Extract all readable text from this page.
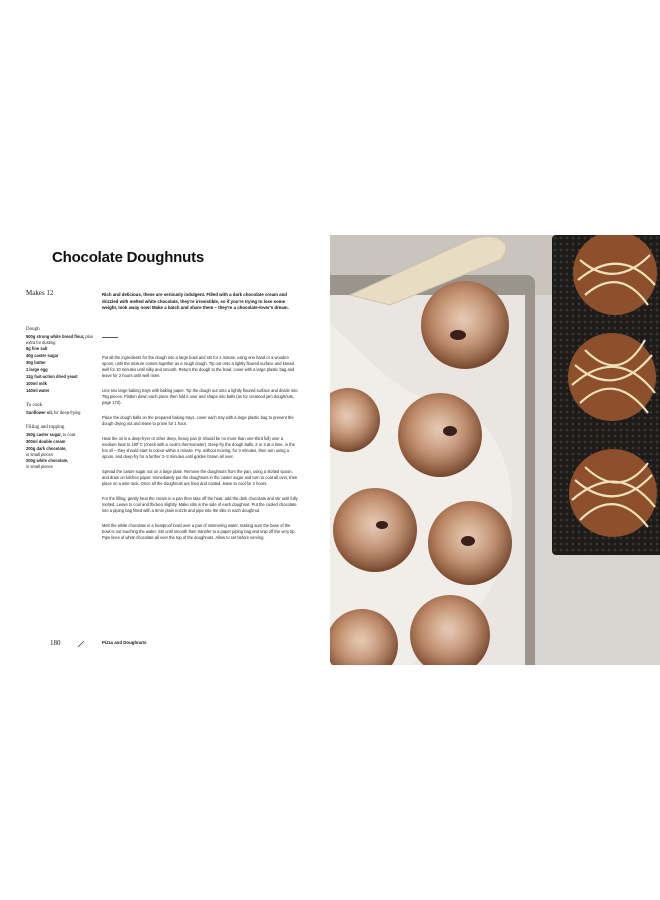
Chocolate Doughnuts
Makes 12
Dough
500g strong white bread flour, plus extra for dusting
8g fine salt
40g caster sugar
30g butter
1 large egg
12g fast-action dried yeast
100ml milk
140ml water
To cook
Sunflower oil, for deep-frying
Filling and topping
150g caster sugar, to coat
300ml double cream
200g dark chocolate,
in small pieces
200g white chocolate,
in small pieces
Rich and delicious, these are seriously indulgent. Filled with a dark chocolate cream and drizzled with melted white chocolate, they're irresistible, so if you're trying to lose some weight, look away now! Make a batch and share them – they're a chocolate-lover's dream.

Put all the ingredients for the dough into a large bowl and stir for 1 minute, using one hand or a wooden spoon, until the mixture comes together as a rough dough. Tip out onto a lightly floured surface and knead well for 10 minutes until silky and smooth. Return the dough to the bowl, cover with a large plastic bag and leave for 2 hours until well risen.

Line two large baking trays with baking paper. Tip the dough out onto a lightly floured surface and divide into 75g pieces. Flatten down each piece then fold it over and shape into balls (as for creamed jam doughnuts, page 173).

Place the dough balls on the prepared baking trays, cover each tray with a large plastic bag to prevent the dough drying out and leave to prove for 1 hour.

Heat the oil in a deep-fryer or other deep, heavy pan (it should be no more than one-third full) over a medium heat to 180°C (check with a cook's thermometer). Deep-fry the dough balls, 2 or 3 at a time, in the hot oil – they should start to colour within a minute. Fry, without moving, for 3 minutes, then turn using a spoon, and deep-fry for a further 2–3 minutes until golden brown all over.

Spread the caster sugar out on a large plate. Remove the doughnuts from the pan, using a slotted spoon, and drain on kitchen paper. Immediately put the doughnuts in the caster sugar and turn to coat all over, then place on a wire rack. Once all the doughnuts are fried and coated, leave to cool for 2 hours.

For the filling, gently heat the cream in a pan then take off the heat, add the dark chocolate and stir until fully melted. Leave to cool and thicken slightly. Make slits in the side of each doughnut. Put the cooled chocolate into a piping bag fitted with a 5mm plain nozzle and pipe into the slits in each doughnut.

Melt the white chocolate in a heatproof bowl over a pan of simmering water, making sure the base of the bowl is not touching the water. Stir until smooth then transfer to a paper piping bag and snip off the very tip. Pipe lines of white chocolate all over the top of the doughnuts. Allow to set before serving.

180	Pizza and Doughnuts
